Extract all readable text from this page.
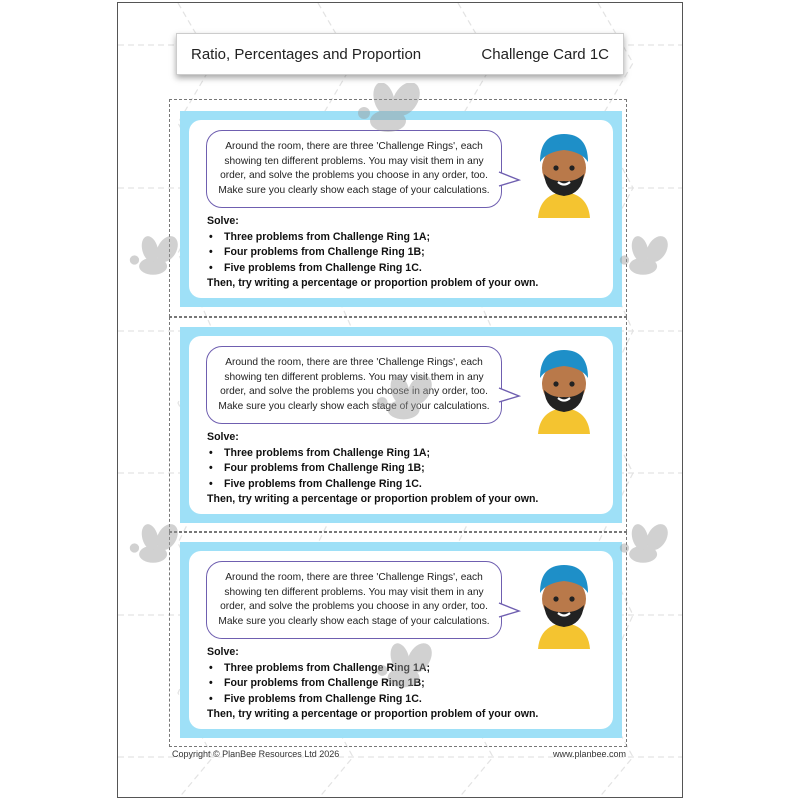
Ratio, Percentages and Proportion	Challenge Card 1C
Around the room, there are three 'Challenge Rings', each showing ten different problems. You may visit them in any order, and solve the problems you choose in any order, too. Make sure you clearly show each stage of your calculations.
Solve:
• Three problems from Challenge Ring 1A;
• Four problems from Challenge Ring 1B;
• Five problems from Challenge Ring 1C.
Then, try writing a percentage or proportion problem of your own.
Around the room, there are three 'Challenge Rings', each showing ten different problems. You may visit them in any order, and solve the problems you choose in any order, too. Make sure you clearly show each stage of your calculations.
Solve:
• Three problems from Challenge Ring 1A;
• Four problems from Challenge Ring 1B;
• Five problems from Challenge Ring 1C.
Then, try writing a percentage or proportion problem of your own.
Around the room, there are three 'Challenge Rings', each showing ten different problems. You may visit them in any order, and solve the problems you choose in any order, too. Make sure you clearly show each stage of your calculations.
Solve:
• Three problems from Challenge Ring 1A;
• Four problems from Challenge Ring 1B;
• Five problems from Challenge Ring 1C.
Then, try writing a percentage or proportion problem of your own.
Copyright © PlanBee Resources Ltd 2026	www.planbee.com
